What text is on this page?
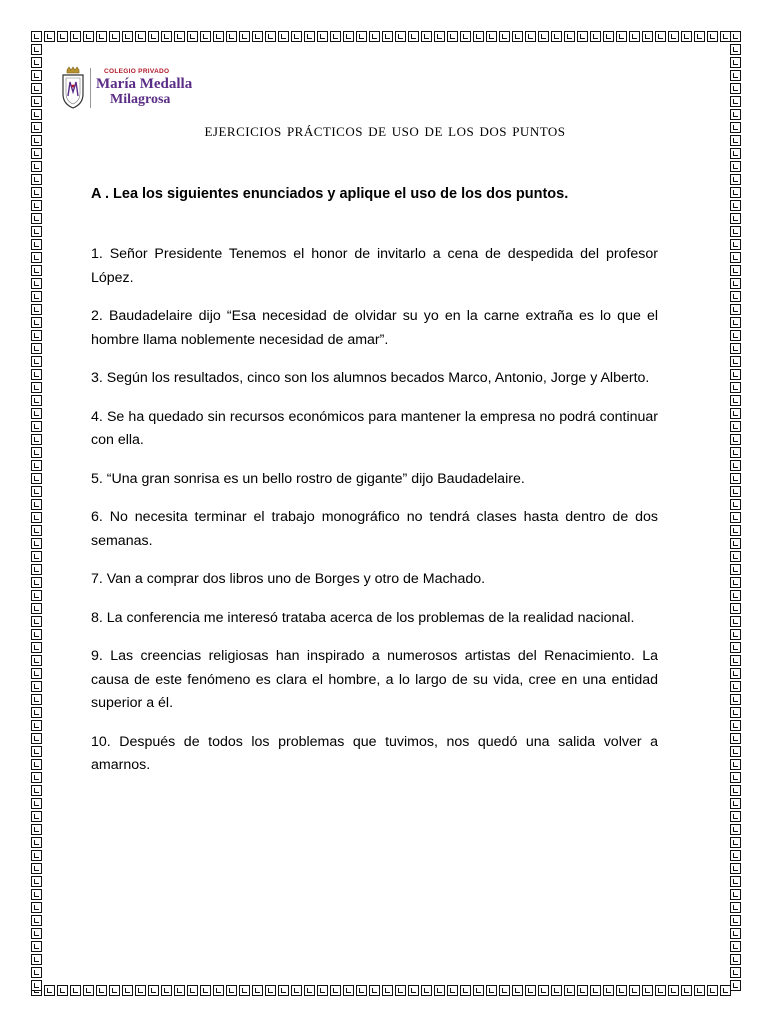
COLEGIO PRIVADO
María Medalla
Milagrosa
ejercicios prácticos de uso de los dos puntos
A . Lea los siguientes enunciados y aplique el uso de los dos puntos.

1. Señor Presidente Tenemos el honor de invitarlo a cena de despedida del profesor López.

2. Baudadelaire dijo “Esa necesidad de olvidar su yo en la carne extraña es lo que el hombre llama noblemente necesidad de amar”.

3. Según los resultados, cinco son los alumnos becados Marco, Antonio, Jorge y Alberto.

4. Se ha quedado sin recursos económicos para mantener la empresa no podrá continuar con ella.

5. “Una gran sonrisa es un bello rostro de gigante” dijo Baudadelaire.

6. No necesita terminar el trabajo monográfico no tendrá clases hasta dentro de dos semanas.

7. Van a comprar dos libros uno de Borges y otro de Machado.

8. La conferencia me interesó trataba acerca de los problemas de la realidad nacional.

9. Las creencias religiosas han inspirado a numerosos artistas del Renacimiento. La causa de este fenómeno es clara el hombre, a lo largo de su vida, cree en una entidad superior a él.

10. Después de todos los problemas que tuvimos, nos quedó una salida volver a amarnos.
